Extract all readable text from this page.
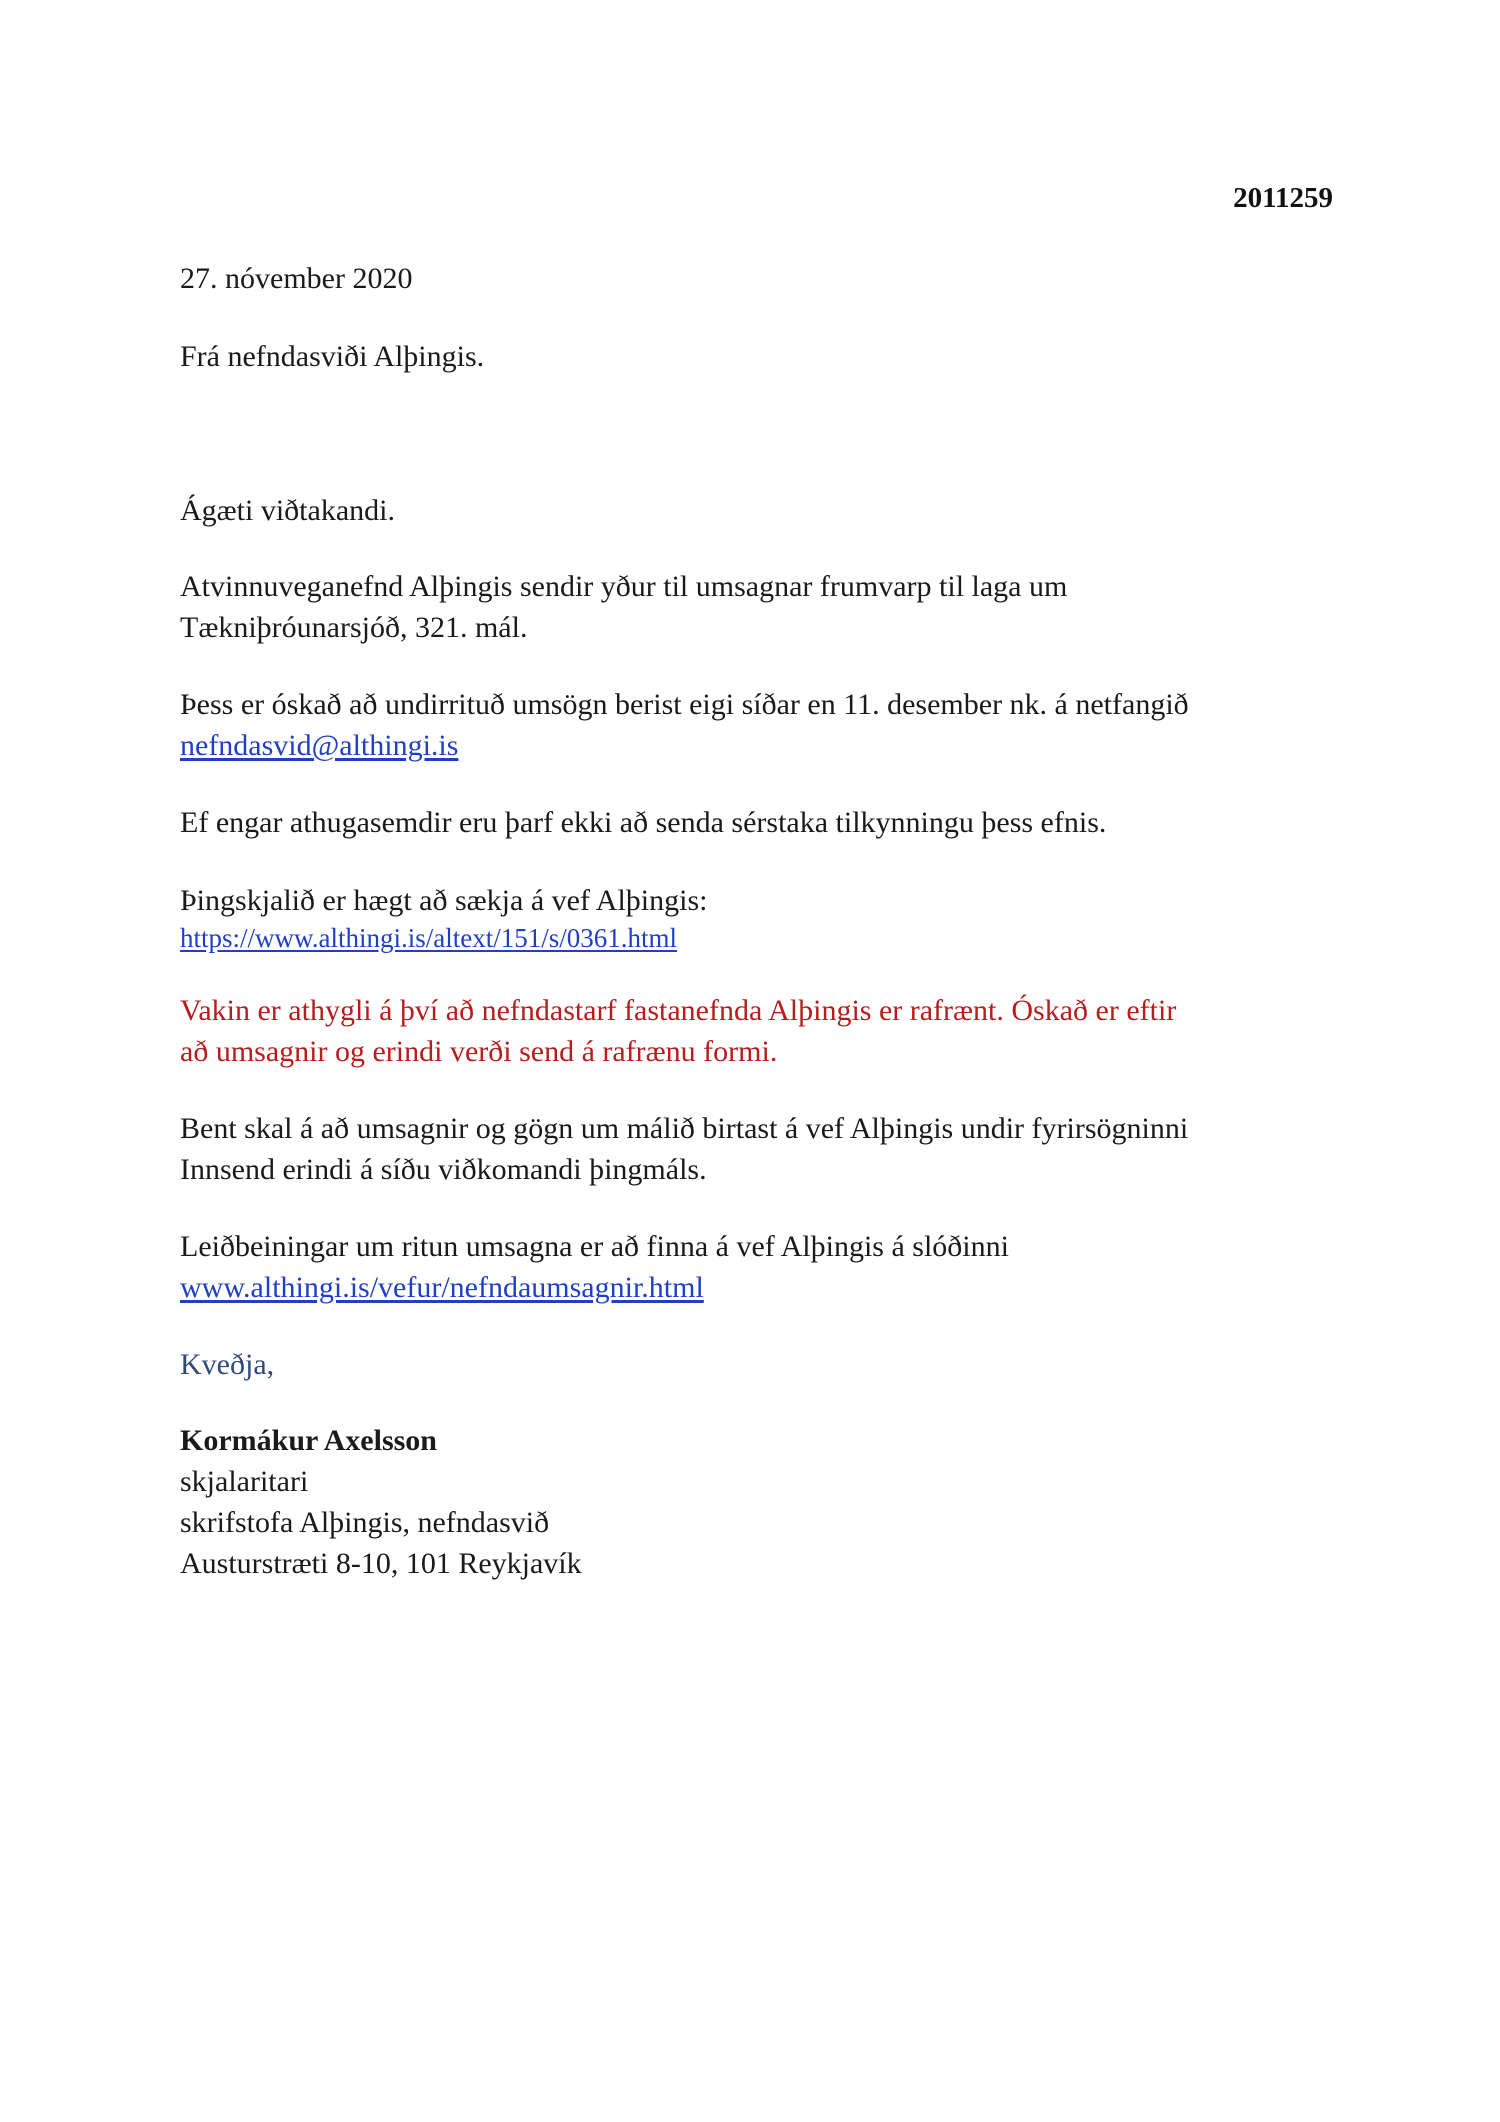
2011259
27. nóvember 2020
Frá nefndasviði Alþingis.
Ágæti viðtakandi.
Atvinnuveganefnd Alþingis sendir yður til umsagnar frumvarp til laga um
Tækniþróunarsjóð, 321. mál.
Þess er óskað að undirrituð umsögn berist eigi síðar en 11. desember nk. á netfangið
nefndasvid@althingi.is
Ef engar athugasemdir eru þarf ekki að senda sérstaka tilkynningu þess efnis.
Þingskjalið er hægt að sækja á vef Alþingis:
https://www.althingi.is/altext/151/s/0361.html
Vakin er athygli á því að nefndastarf fastanefnda Alþingis er rafrænt. Óskað er eftir
að umsagnir og erindi verði send á rafrænu formi.
Bent skal á að umsagnir og gögn um málið birtast á vef Alþingis undir fyrirsögninni
Innsend erindi á síðu viðkomandi þingmáls.
Leiðbeiningar um ritun umsagna er að finna á vef Alþingis á slóðinni
www.althingi.is/vefur/nefndaumsagnir.html
Kveðja,
Kormákur Axelsson
skjalaritari
skrifstofa Alþingis, nefndasvið
Austurstræti 8-10, 101 Reykjavík
